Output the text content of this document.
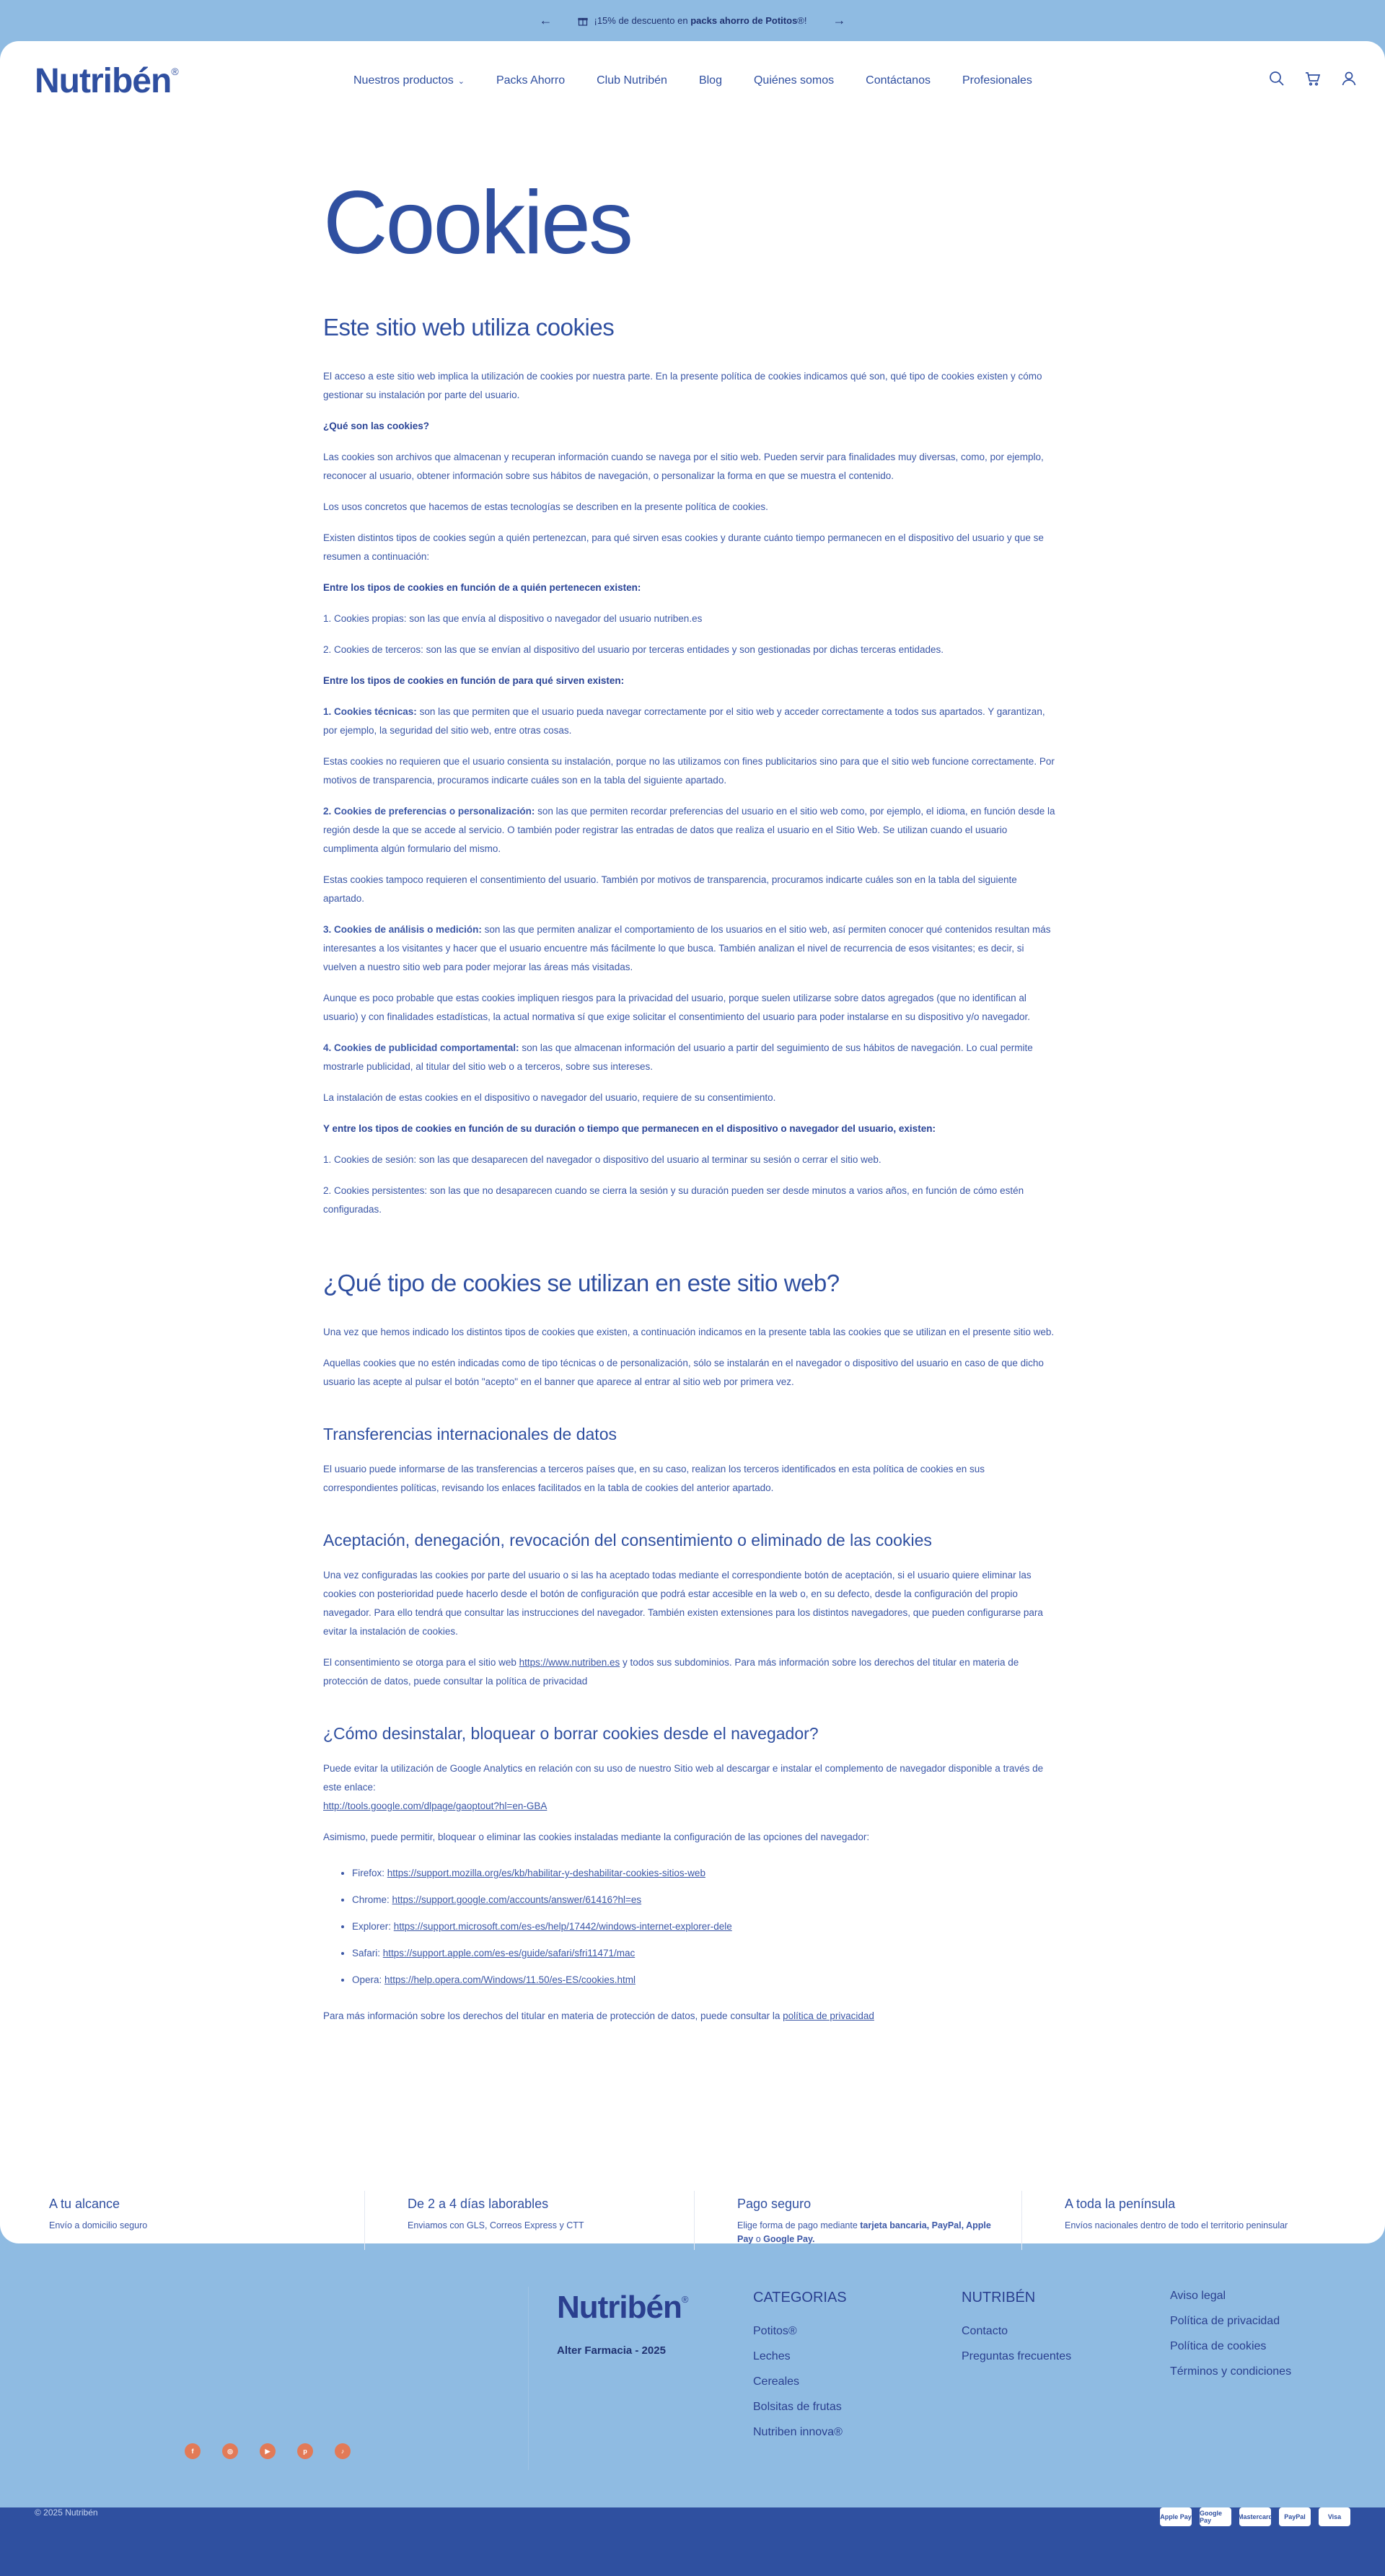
←	¡15% de descuento en packs ahorro de Potitos®! →
Nutribén®
Nuestros productos ⌄	Packs Ahorro	Club Nutribén	Blog	Quiénes somos	Contáctanos	Profesionales
Cookies
Este sitio web utiliza cookies

El acceso a este sitio web implica la utilización de cookies por nuestra parte. En la presente política de cookies indicamos qué son, qué tipo de cookies existen y cómo gestionar su instalación por parte del usuario.

¿Qué son las cookies?

Las cookies son archivos que almacenan y recuperan información cuando se navega por el sitio web. Pueden servir para finalidades muy diversas, como, por ejemplo, reconocer al usuario, obtener información sobre sus hábitos de navegación, o personalizar la forma en que se muestra el contenido.

Los usos concretos que hacemos de estas tecnologías se describen en la presente política de cookies.

Existen distintos tipos de cookies según a quién pertenezcan, para qué sirven esas cookies y durante cuánto tiempo permanecen en el dispositivo del usuario y que se resumen a continuación:

Entre los tipos de cookies en función de a quién pertenecen existen:

1. Cookies propias: son las que envía al dispositivo o navegador del usuario nutriben.es

2. Cookies de terceros: son las que se envían al dispositivo del usuario por terceras entidades y son gestionadas por dichas terceras entidades.

Entre los tipos de cookies en función de para qué sirven existen:

1. Cookies técnicas: son las que permiten que el usuario pueda navegar correctamente por el sitio web y acceder correctamente a todos sus apartados. Y garantizan, por ejemplo, la seguridad del sitio web, entre otras cosas.

Estas cookies no requieren que el usuario consienta su instalación, porque no las utilizamos con fines publicitarios sino para que el sitio web funcione correctamente. Por motivos de transparencia, procuramos indicarte cuáles son en la tabla del siguiente apartado.

2. Cookies de preferencias o personalización: son las que permiten recordar preferencias del usuario en el sitio web como, por ejemplo, el idioma, en función desde la región desde la que se accede al servicio. O también poder registrar las entradas de datos que realiza el usuario en el Sitio Web. Se utilizan cuando el usuario cumplimenta algún formulario del mismo.

Estas cookies tampoco requieren el consentimiento del usuario. También por motivos de transparencia, procuramos indicarte cuáles son en la tabla del siguiente apartado.

3. Cookies de análisis o medición: son las que permiten analizar el comportamiento de los usuarios en el sitio web, así permiten conocer qué contenidos resultan más interesantes a los visitantes y hacer que el usuario encuentre más fácilmente lo que busca. También analizan el nivel de recurrencia de esos visitantes; es decir, si vuelven a nuestro sitio web para poder mejorar las áreas más visitadas.

Aunque es poco probable que estas cookies impliquen riesgos para la privacidad del usuario, porque suelen utilizarse sobre datos agregados (que no identifican al usuario) y con finalidades estadísticas, la actual normativa sí que exige solicitar el consentimiento del usuario para poder instalarse en su dispositivo y/o navegador.

4. Cookies de publicidad comportamental: son las que almacenan información del usuario a partir del seguimiento de sus hábitos de navegación. Lo cual permite mostrarle publicidad, al titular del sitio web o a terceros, sobre sus intereses.

La instalación de estas cookies en el dispositivo o navegador del usuario, requiere de su consentimiento.

Y entre los tipos de cookies en función de su duración o tiempo que permanecen en el dispositivo o navegador del usuario, existen:

1. Cookies de sesión: son las que desaparecen del navegador o dispositivo del usuario al terminar su sesión o cerrar el sitio web.

2. Cookies persistentes: son las que no desaparecen cuando se cierra la sesión y su duración pueden ser desde minutos a varios años, en función de cómo estén configuradas.

¿Qué tipo de cookies se utilizan en este sitio web?

Una vez que hemos indicado los distintos tipos de cookies que existen, a continuación indicamos en la presente tabla las cookies que se utilizan en el presente sitio web.

Aquellas cookies que no estén indicadas como de tipo técnicas o de personalización, sólo se instalarán en el navegador o dispositivo del usuario en caso de que dicho usuario las acepte al pulsar el botón "acepto" en el banner que aparece al entrar al sitio web por primera vez.

Transferencias internacionales de datos

El usuario puede informarse de las transferencias a terceros países que, en su caso, realizan los terceros identificados en esta política de cookies en sus correspondientes políticas, revisando los enlaces facilitados en la tabla de cookies del anterior apartado.

Aceptación, denegación, revocación del consentimiento o eliminado de las cookies

Una vez configuradas las cookies por parte del usuario o si las ha aceptado todas mediante el correspondiente botón de aceptación, si el usuario quiere eliminar las cookies con posterioridad puede hacerlo desde el botón de configuración que podrá estar accesible en la web o, en su defecto, desde la configuración del propio navegador. Para ello tendrá que consultar las instrucciones del navegador. También existen extensiones para los distintos navegadores, que pueden configurarse para evitar la instalación de cookies.

El consentimiento se otorga para el sitio web https://www.nutriben.es y todos sus subdominios. Para más información sobre los derechos del titular en materia de protección de datos, puede consultar la política de privacidad

¿Cómo desinstalar, bloquear o borrar cookies desde el navegador?

Puede evitar la utilización de Google Analytics en relación con su uso de nuestro Sitio web al descargar e instalar el complemento de navegador disponible a través de este enlace:
http://tools.google.com/dlpage/gaoptout?hl=en-GBA

Asimismo, puede permitir, bloquear o eliminar las cookies instaladas mediante la configuración de las opciones del navegador:

• Firefox: https://support.mozilla.org/es/kb/habilitar-y-deshabilitar-cookies-sitios-web
• Chrome: https://support.google.com/accounts/answer/61416?hl=es
• Explorer: https://support.microsoft.com/es-es/help/17442/windows-internet-explorer-dele
• Safari: https://support.apple.com/es-es/guide/safari/sfri11471/mac
• Opera: https://help.opera.com/Windows/11.50/es-ES/cookies.html

Para más información sobre los derechos del titular en materia de protección de datos, puede consultar la política de privacidad

A tu alcance
Envío a domicilio seguro
De 2 a 4 días laborables
Enviamos con GLS, Correos Express y CTT
Pago seguro
Elige forma de pago mediante tarjeta bancaria, PayPal, Apple Pay o Google Pay.
A toda la península
Envíos nacionales dentro de todo el territorio peninsular
Nutribén®
Alter Farmacia - 2025
CATEGORIAS
Potitos®
Leches
Cereales
Bolsitas de frutas
Nutriben innova®
NUTRIBÉN
Contacto
Preguntas frecuentes
Aviso legal
Política de privacidad
Política de cookies
Términos y condiciones
f	◎	▶	p	♪
© 2025 Nutribén	Apple Pay Google Pay	Mastercard	PayPal	Visa
